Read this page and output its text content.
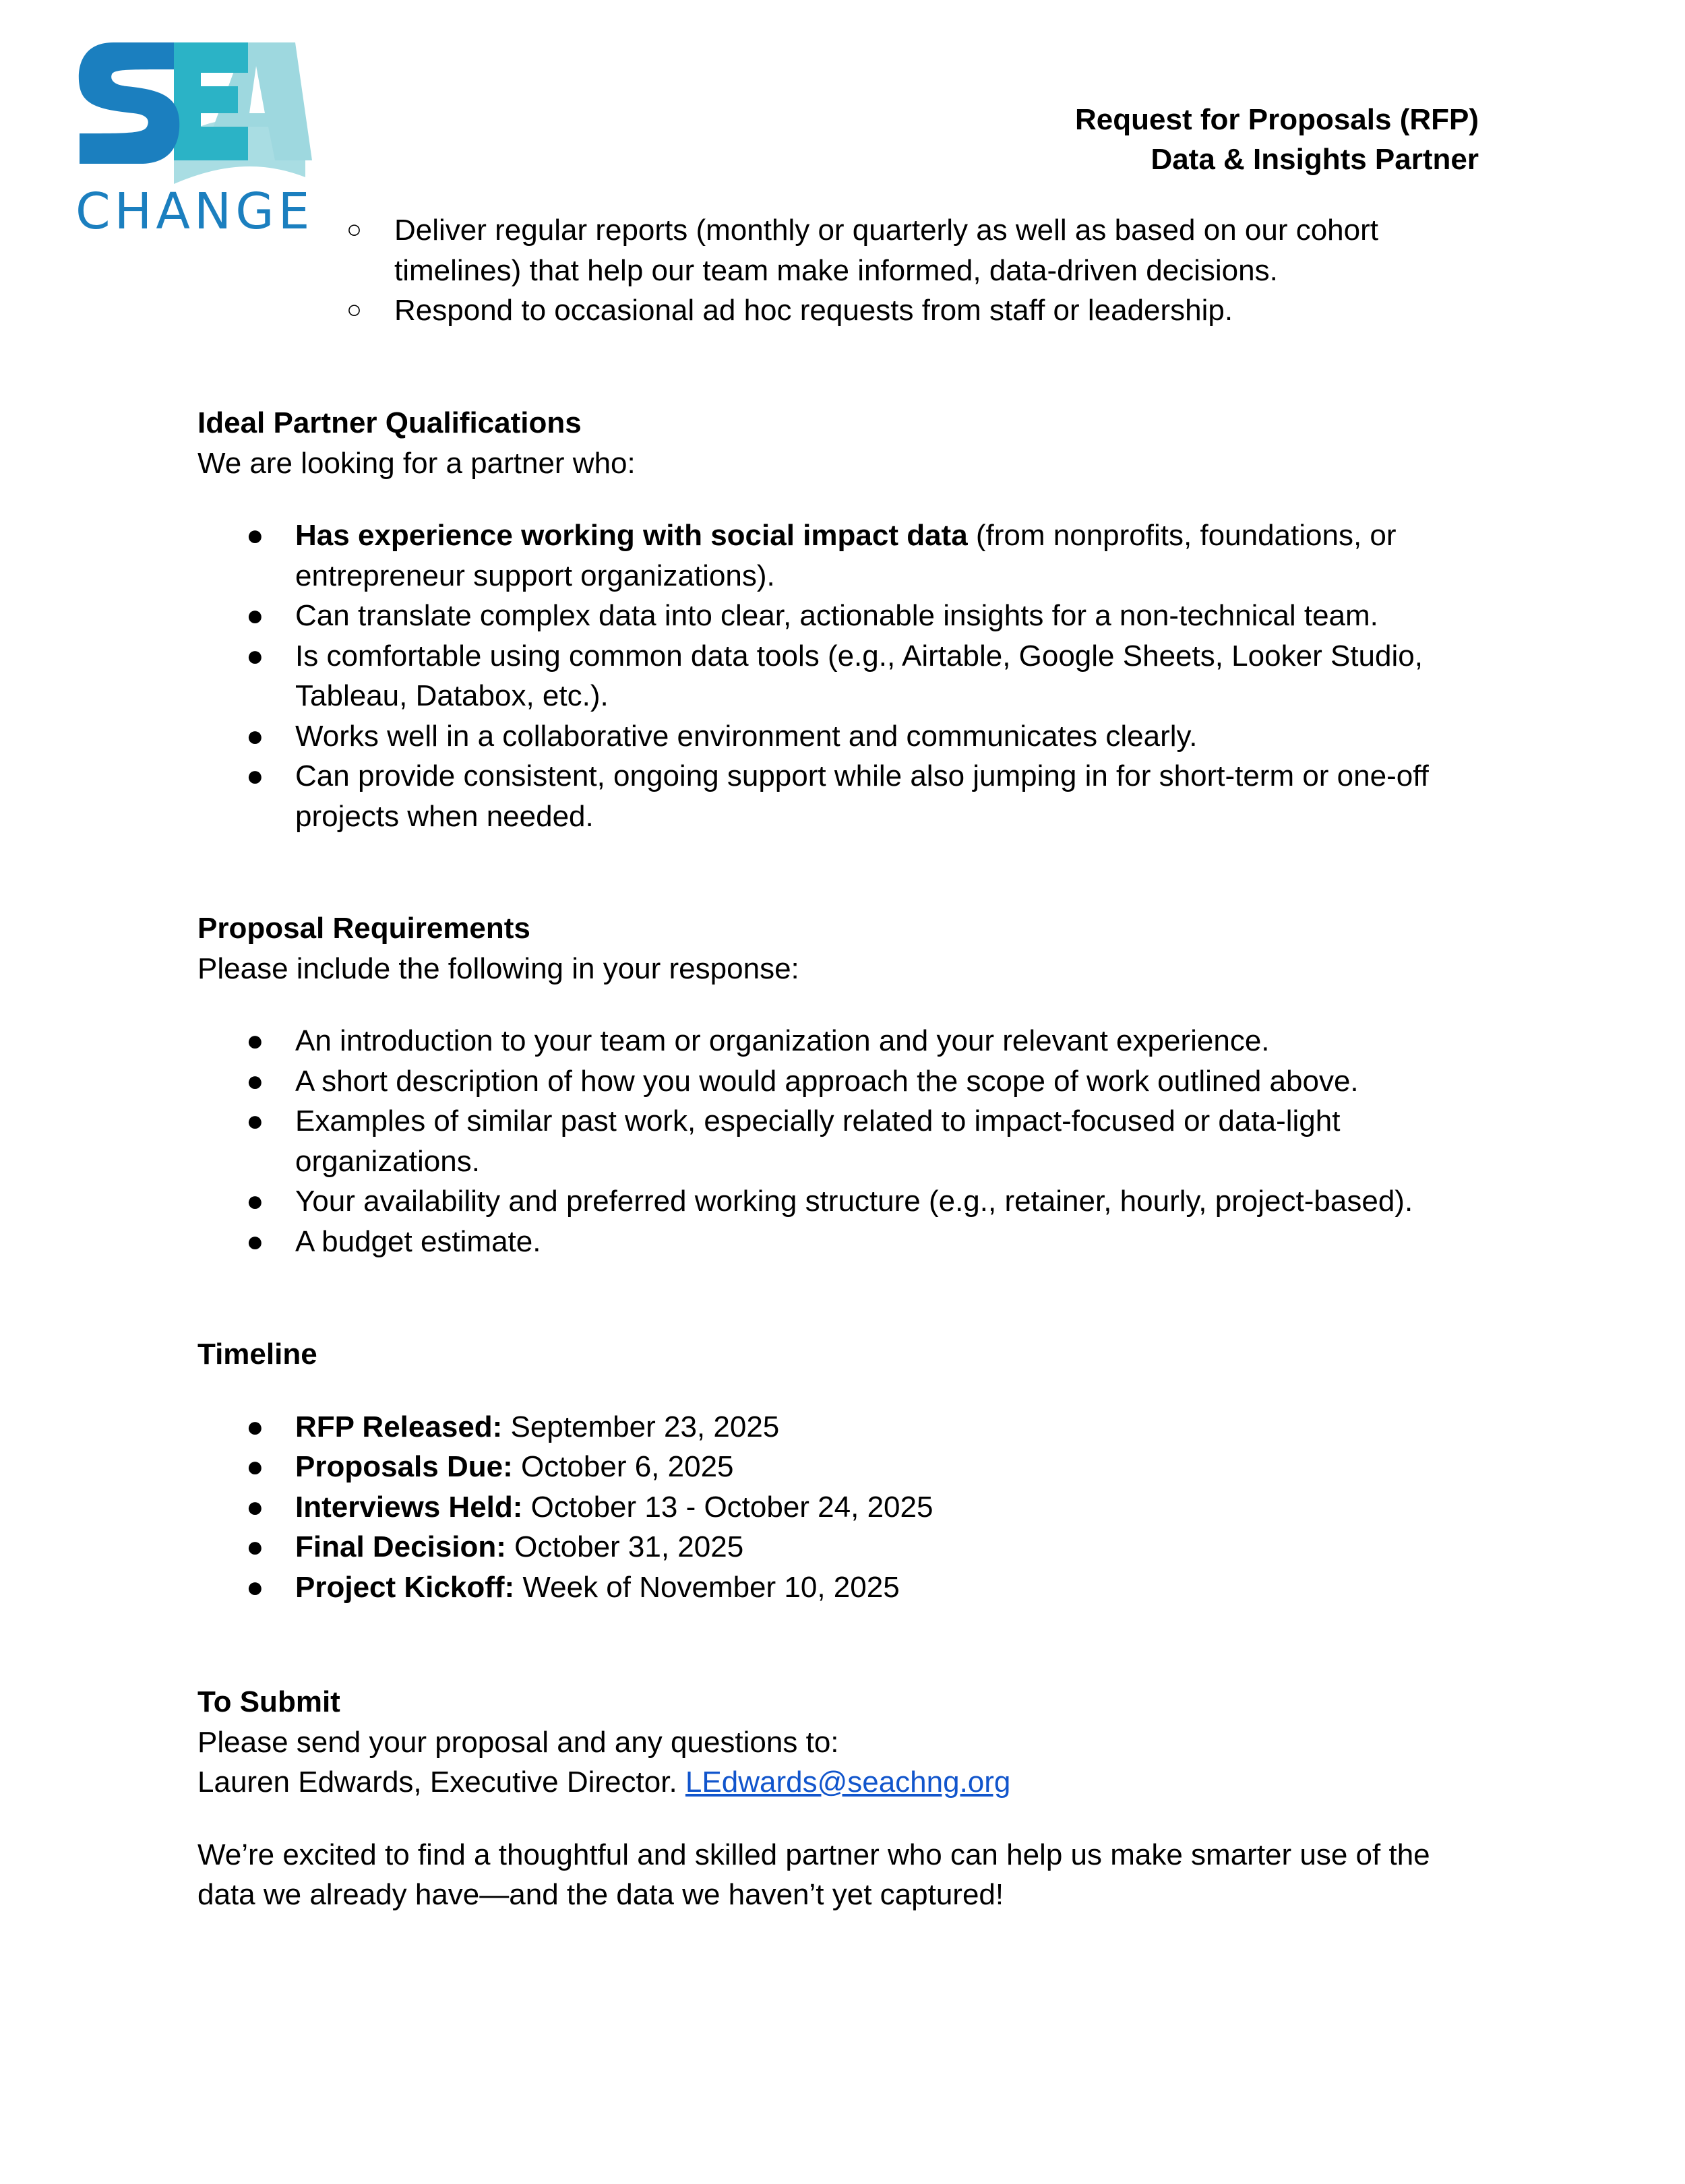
CHANGE
Request for Proposals (RFP)
Data & Insights Partner
○ Deliver regular reports (monthly or quarterly as well as based on our cohort timelines) that help our team make informed, data-driven decisions.
○ Respond to occasional ad hoc requests from staff or leadership.

Ideal Partner Qualifications

We are looking for a partner who:

● Has experience working with social impact data (from nonprofits, foundations, or entrepreneur support organizations).
● Can translate complex data into clear, actionable insights for a non-technical team.
● Is comfortable using common data tools (e.g., Airtable, Google Sheets, Looker Studio, Tableau, Databox, etc.).
● Works well in a collaborative environment and communicates clearly.
● Can provide consistent, ongoing support while also jumping in for short-term or one-off projects when needed.

Proposal Requirements

Please include the following in your response:

● An introduction to your team or organization and your relevant experience.
● A short description of how you would approach the scope of work outlined above.
● Examples of similar past work, especially related to impact-focused or data-light organizations.
● Your availability and preferred working structure (e.g., retainer, hourly, project-based).
● A budget estimate.

Timeline

● RFP Released: September 23, 2025
● Proposals Due: October 6, 2025
● Interviews Held: October 13 - October 24, 2025
● Final Decision: October 31, 2025
● Project Kickoff: Week of November 10, 2025

To Submit

Please send your proposal and any questions to:

Lauren Edwards, Executive Director. LEdwards@seachng.org

We’re excited to find a thoughtful and skilled partner who can help us make smarter use of the data we already have—and the data we haven’t yet captured!
